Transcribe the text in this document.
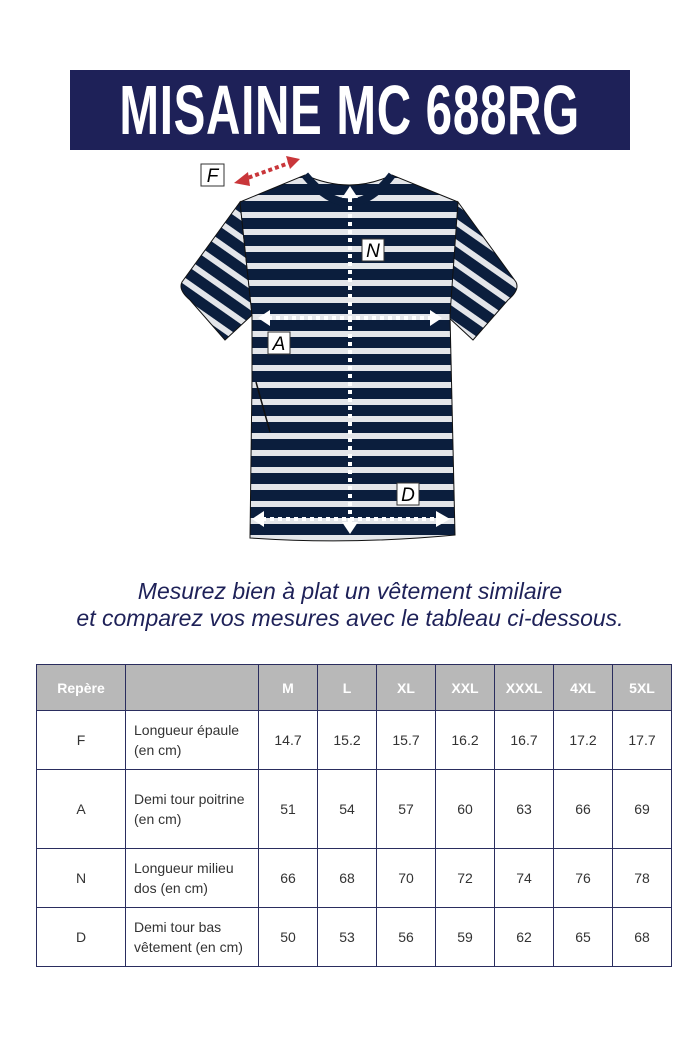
MISAINE MC 688RG
F
N
A
D
Mesurez bien à plat un vêtement similaire
et comparez vos mesures avec le tableau ci-dessous.
Repère		M	L	XL	XXL	XXXL	4XL	5XL
F	Longueur épaule
(en cm)	14.7	15.2	15.7	16.2	16.7	17.2	17.7
A	Demi tour poitrine
(en cm)	51	54	57	60	63	66	69
N	Longueur milieu
dos (en cm)	66	68	70	72	74	76	78
D	Demi tour bas
vêtement (en cm)	50	53	56	59	62	65	68
